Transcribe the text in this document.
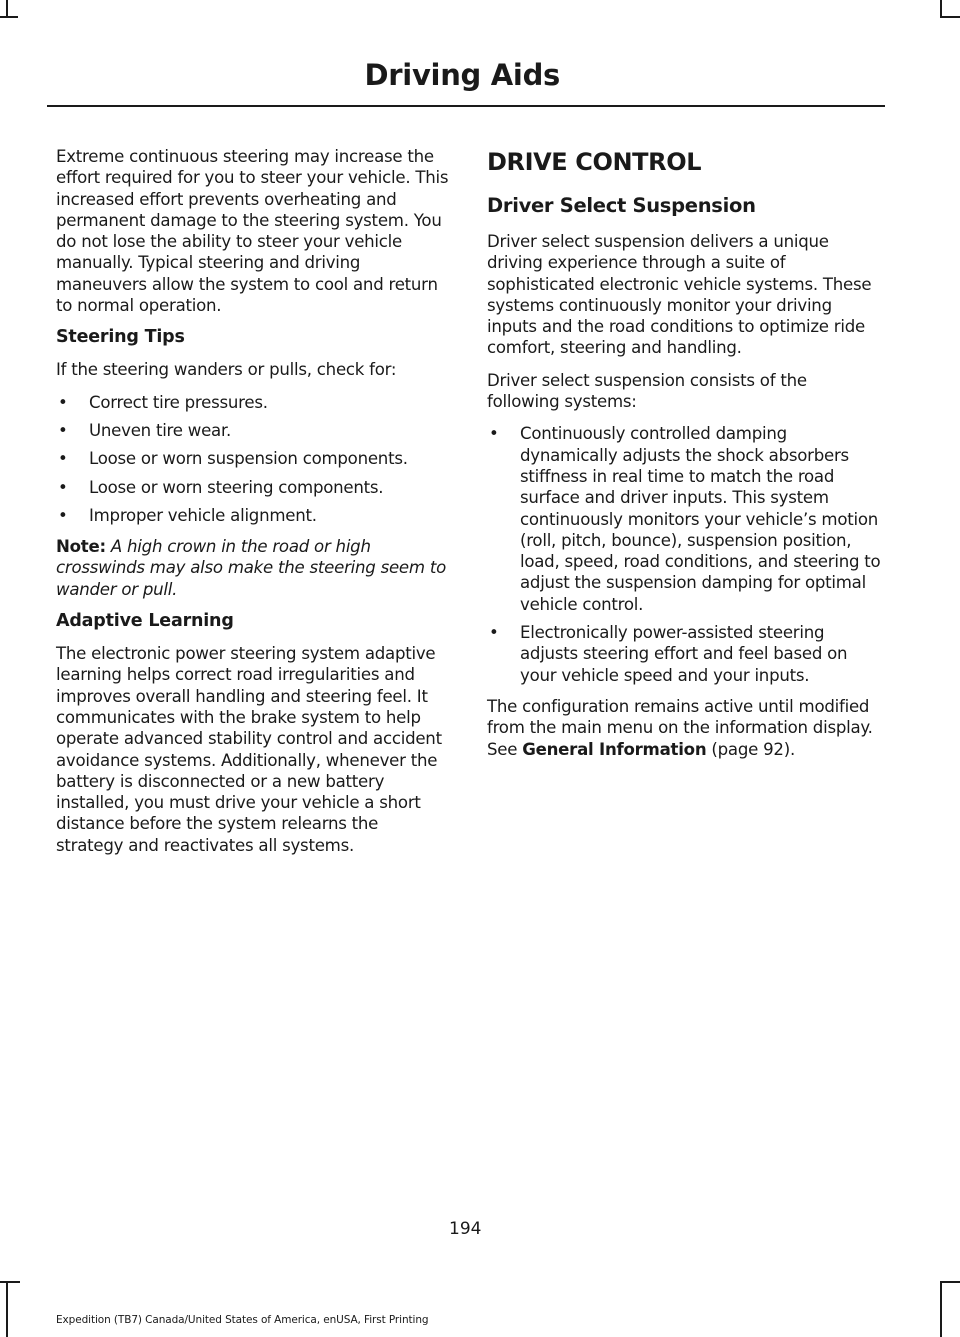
Driving Aids

Extreme continuous steering may increase the effort required for you to steer your vehicle. This increased effort prevents overheating and permanent damage to the steering system. You do not lose the ability to steer your vehicle manually. Typical steering and driving maneuvers allow the system to cool and return to normal operation.

Steering Tips

If the steering wanders or pulls, check for:

• Correct tire pressures.
• Uneven tire wear.
• Loose or worn suspension components.
• Loose or worn steering components.
• Improper vehicle alignment.

Note: A high crown in the road or high crosswinds may also make the steering seem to wander or pull.

Adaptive Learning

The electronic power steering system adaptive learning helps correct road irregularities and improves overall handling and steering feel. It communicates with the brake system to help operate advanced stability control and accident avoidance systems. Additionally, whenever the battery is disconnected or a new battery installed, you must drive your vehicle a short distance before the system relearns the strategy and reactivates all systems.

DRIVE CONTROL
Driver Select Suspension

Driver select suspension delivers a unique driving experience through a suite of sophisticated electronic vehicle systems. These systems continuously monitor your driving inputs and the road conditions to optimize ride comfort, steering and handling.

Driver select suspension consists of the following systems:

• Continuously controlled damping dynamically adjusts the shock absorbers stiffness in real time to match the road surface and driver inputs. This system continuously monitors your vehicle’s motion (roll, pitch, bounce), suspension position, load, speed, road conditions, and steering to adjust the suspension damping for optimal vehicle control.
• Electronically power-assisted steering adjusts steering effort and feel based on your vehicle speed and your inputs.

The configuration remains active until modified from the main menu on the information display. See General Information (page 92).

194
Expedition (TB7) Canada/United States of America, enUSA, First Printing
